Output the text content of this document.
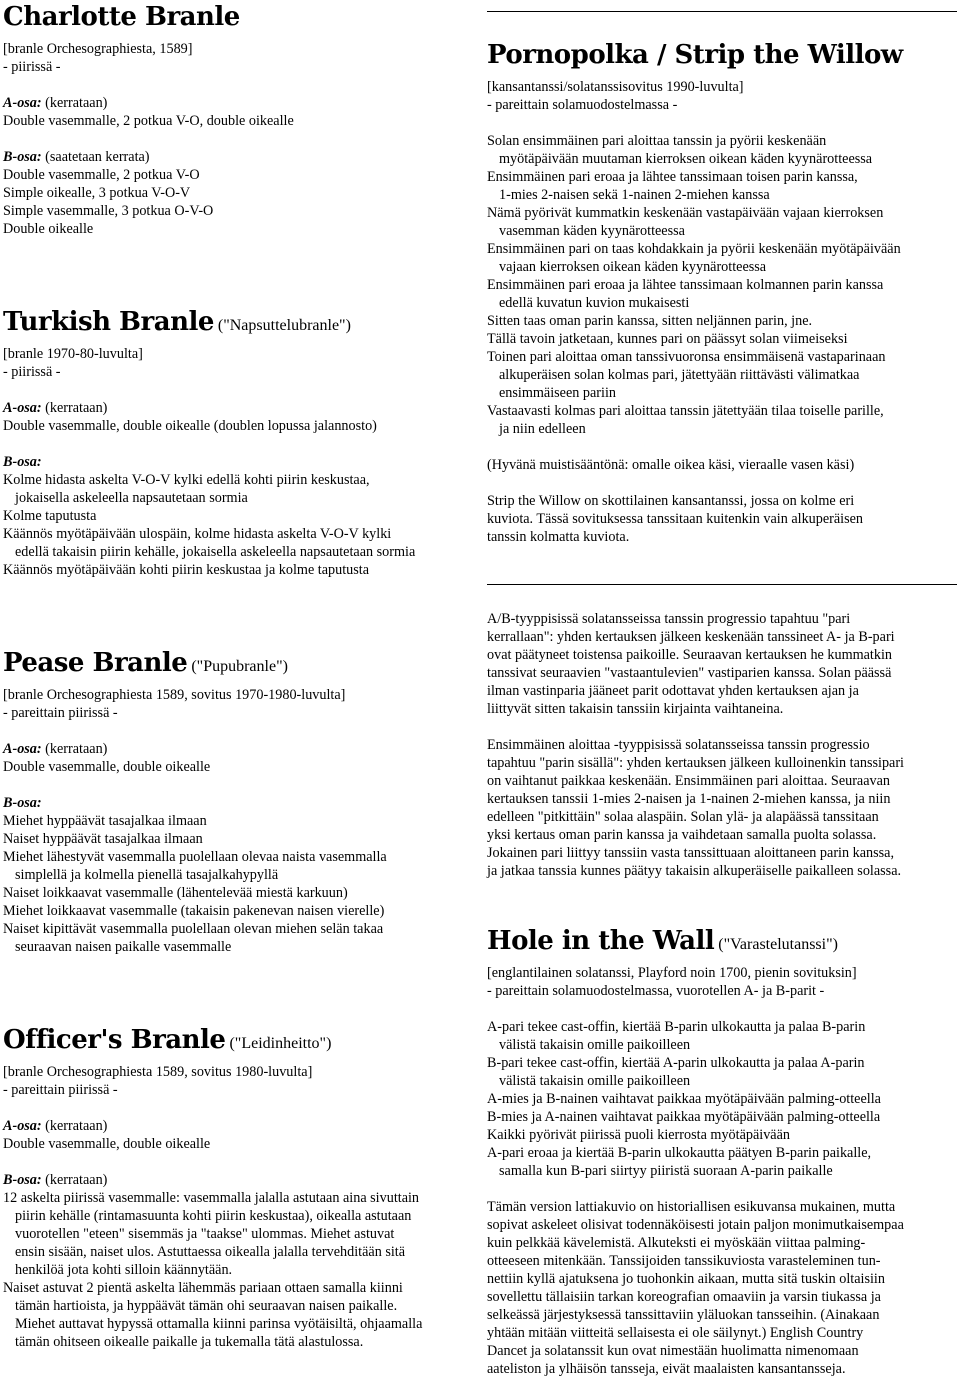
Charlotte Branle
[branle Orchesographiesta, 1589]
- piirissä -
A-osa: (kerrataan)
Double vasemmalle, 2 potkua V-O, double oikealle
B-osa: (saatetaan kerrata)
Double vasemmalle, 2 potkua V-O
Simple oikealle, 3 potkua V-O-V
Simple vasemmalle, 3 potkua O-V-O
Double oikealle
Turkish Branle ("Napsuttelubranle")
[branle 1970-80-luvulta]
- piirissä -
A-osa: (kerrataan)
Double vasemmalle, double oikealle (doublen lopussa jalannosto)
B-osa:
Kolme hidasta askelta V-O-V kylki edellä kohti piirin keskustaa,
jokaisella askeleella napsautetaan sormia
Kolme taputusta
Käännös myötäpäivään ulospäin, kolme hidasta askelta V-O-V kylki
edellä takaisin piirin kehälle, jokaisella askeleella napsautetaan sormia
Käännös myötäpäivään kohti piirin keskustaa ja kolme taputusta
Pease Branle ("Pupubranle")
[branle Orchesographiesta 1589, sovitus 1970-1980-luvulta]
- pareittain piirissä -
A-osa: (kerrataan)
Double vasemmalle, double oikealle
B-osa:
Miehet hyppäävät tasajalkaa ilmaan
Naiset hyppäävät tasajalkaa ilmaan
Miehet lähestyvät vasemmalla puolellaan olevaa naista vasemmalla
simplellä ja kolmella pienellä tasajalkahypyllä
Naiset loikkaavat vasemmalle (lähentelevää miestä karkuun)
Miehet loikkaavat vasemmalle (takaisin pakenevan naisen vierelle)
Naiset kipittävät vasemmalla puolellaan olevan miehen selän takaa
seuraavan naisen paikalle vasemmalle
Officer's Branle ("Leidinheitto")
[branle Orchesographiesta 1589, sovitus 1980-luvulta]
- pareittain piirissä -
A-osa: (kerrataan)
Double vasemmalle, double oikealle
B-osa: (kerrataan)
12 askelta piirissä vasemmalle: vasemmalla jalalla astutaan aina sivuttain
piirin kehälle (rintamasuunta kohti piirin keskustaa), oikealla astutaan
vuorotellen "eteen" sisemmäs ja "taakse" ulommas. Miehet astuvat
ensin sisään, naiset ulos. Astuttaessa oikealla jalalla tervehditään sitä
henkilöä jota kohti silloin käännytään.
Naiset astuvat 2 pientä askelta lähemmäs pariaan ottaen samalla kiinni
tämän hartioista, ja hyppäävät tämän ohi seuraavan naisen paikalle.
Miehet auttavat hypyssä ottamalla kiinni parinsa vyötäisiltä, ohjaamalla
tämän ohitseen oikealle paikalle ja tukemalla tätä alastulossa.
Pornopolka / Strip the Willow
[kansantanssi/solatanssisovitus 1990-luvulta]
- pareittain solamuodostelmassa -
Solan ensimmäinen pari aloittaa tanssin ja pyörii keskenään
myötäpäivään muutaman kierroksen oikean käden kyynärotteessa
Ensimmäinen pari eroaa ja lähtee tanssimaan toisen parin kanssa,
1-mies 2-naisen sekä 1-nainen 2-miehen kanssa
Nämä pyörivät kummatkin keskenään vastapäivään vajaan kierroksen
vasemman käden kyynärotteessa
Ensimmäinen pari on taas kohdakkain ja pyörii keskenään myötäpäivään
vajaan kierroksen oikean käden kyynärotteessa
Ensimmäinen pari eroaa ja lähtee tanssimaan kolmannen parin kanssa
edellä kuvatun kuvion mukaisesti
Sitten taas oman parin kanssa, sitten neljännen parin, jne.
Tällä tavoin jatketaan, kunnes pari on päässyt solan viimeiseksi
Toinen pari aloittaa oman tanssivuoronsa ensimmäisenä vastaparinaan
alkuperäisen solan kolmas pari, jätettyään riittävästi välimatkaa
ensimmäiseen pariin
Vastaavasti kolmas pari aloittaa tanssin jätettyään tilaa toiselle parille,
ja niin edelleen
(Hyvänä muistisääntönä: omalle oikea käsi, vieraalle vasen käsi)
Strip the Willow on skottilainen kansantanssi, jossa on kolme eri
kuviota. Tässä sovituksessa tanssitaan kuitenkin vain alkuperäisen
tanssin kolmatta kuviota.
A/B-tyyppisissä solatansseissa tanssin progressio tapahtuu "pari
kerrallaan": yhden kertauksen jälkeen keskenään tanssineet A- ja B-pari
ovat päätyneet toistensa paikoille. Seuraavan kertauksen he kummatkin
tanssivat seuraavien "vastaantulevien" vastiparien kanssa. Solan päässä
ilman vastinparia jääneet parit odottavat yhden kertauksen ajan ja
liittyvät sitten takaisin tanssiin kirjainta vaihtaneina.
Ensimmäinen aloittaa -tyyppisissä solatansseissa tanssin progressio
tapahtuu "parin sisällä": yhden kertauksen jälkeen kulloinenkin tanssipari
on vaihtanut paikkaa keskenään. Ensimmäinen pari aloittaa. Seuraavan
kertauksen tanssii 1-mies 2-naisen ja 1-nainen 2-miehen kanssa, ja niin
edelleen "pitkittäin" solaa alaspäin. Solan ylä- ja alapäässä tanssitaan
yksi kertaus oman parin kanssa ja vaihdetaan samalla puolta solassa.
Jokainen pari liittyy tanssiin vasta tanssittuaan aloittaneen parin kanssa,
ja jatkaa tanssia kunnes päätyy takaisin alkuperäiselle paikalleen solassa.
Hole in the Wall ("Varastelutanssi")
[englantilainen solatanssi, Playford noin 1700, pienin sovituksin]
- pareittain solamuodostelmassa, vuorotellen A- ja B-parit -
A-pari tekee cast-offin, kiertää B-parin ulkokautta ja palaa B-parin
välistä takaisin omille paikoilleen
B-pari tekee cast-offin, kiertää A-parin ulkokautta ja palaa A-parin
välistä takaisin omille paikoilleen
A-mies ja B-nainen vaihtavat paikkaa myötäpäivään palming-otteella
B-mies ja A-nainen vaihtavat paikkaa myötäpäivään palming-otteella
Kaikki pyörivät piirissä puoli kierrosta myötäpäivään
A-pari eroaa ja kiertää B-parin ulkokautta päätyen B-parin paikalle,
samalla kun B-pari siirtyy piiristä suoraan A-parin paikalle
Tämän version lattiakuvio on historiallisen esikuvansa mukainen, mutta
sopivat askeleet olisivat todennäköisesti jotain paljon monimutkaisempaa
kuin pelkkää kävelemistä. Alkuteksti ei myöskään viittaa palming-
otteeseen mitenkään. Tanssijoiden tanssikuviosta varasteleminen tun-
nettiin kyllä ajatuksena jo tuohonkin aikaan, mutta sitä tuskin oltaisiin
sovellettu tällaisiin tarkan koreografian omaaviin ja varsin tiukassa ja
selkeässä järjestyksessä tanssittaviin yläluokan tansseihin. (Ainakaan
yhtään mitään viitteitä sellaisesta ei ole säilynyt.) English Country
Dancet ja solatanssit kun ovat nimestään huolimatta nimenomaan
aateliston ja ylhäisön tansseja, eivät maalaisten kansantansseja.
